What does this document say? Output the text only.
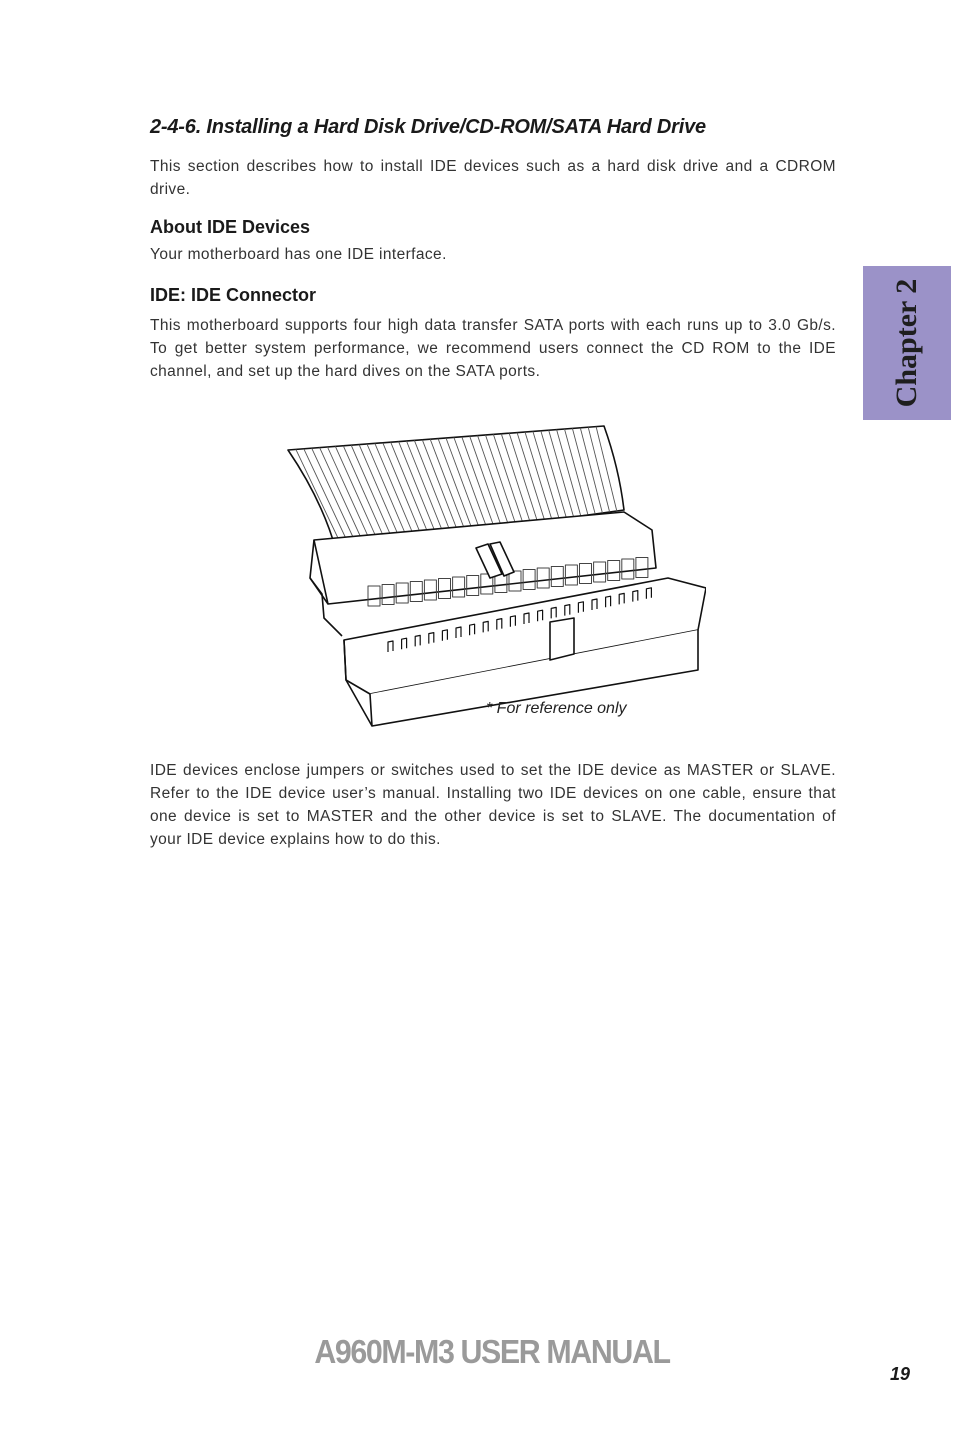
2-4-6. Installing a Hard Disk Drive/CD-ROM/SATA Hard Drive

This section describes how to install IDE devices such as a hard disk drive and a CDROM drive.

About IDE Devices

Your motherboard has one IDE interface.

IDE: IDE Connector

This motherboard supports four high data transfer SATA ports with each runs up to 3.0 Gb/s. To get better system performance, we recommend users connect the CD ROM to the IDE channel, and set up the hard dives on the SATA ports.

* For reference only

IDE devices enclose jumpers or switches used to set the IDE device as MASTER or SLAVE. Refer to the IDE device user’s manual. Installing two IDE devices on one cable, ensure that one device is set to MASTER and the other device is set to SLAVE. The documentation of your IDE device explains how to do this.

Chapter 2
A960M-M3 USER MANUAL
19
